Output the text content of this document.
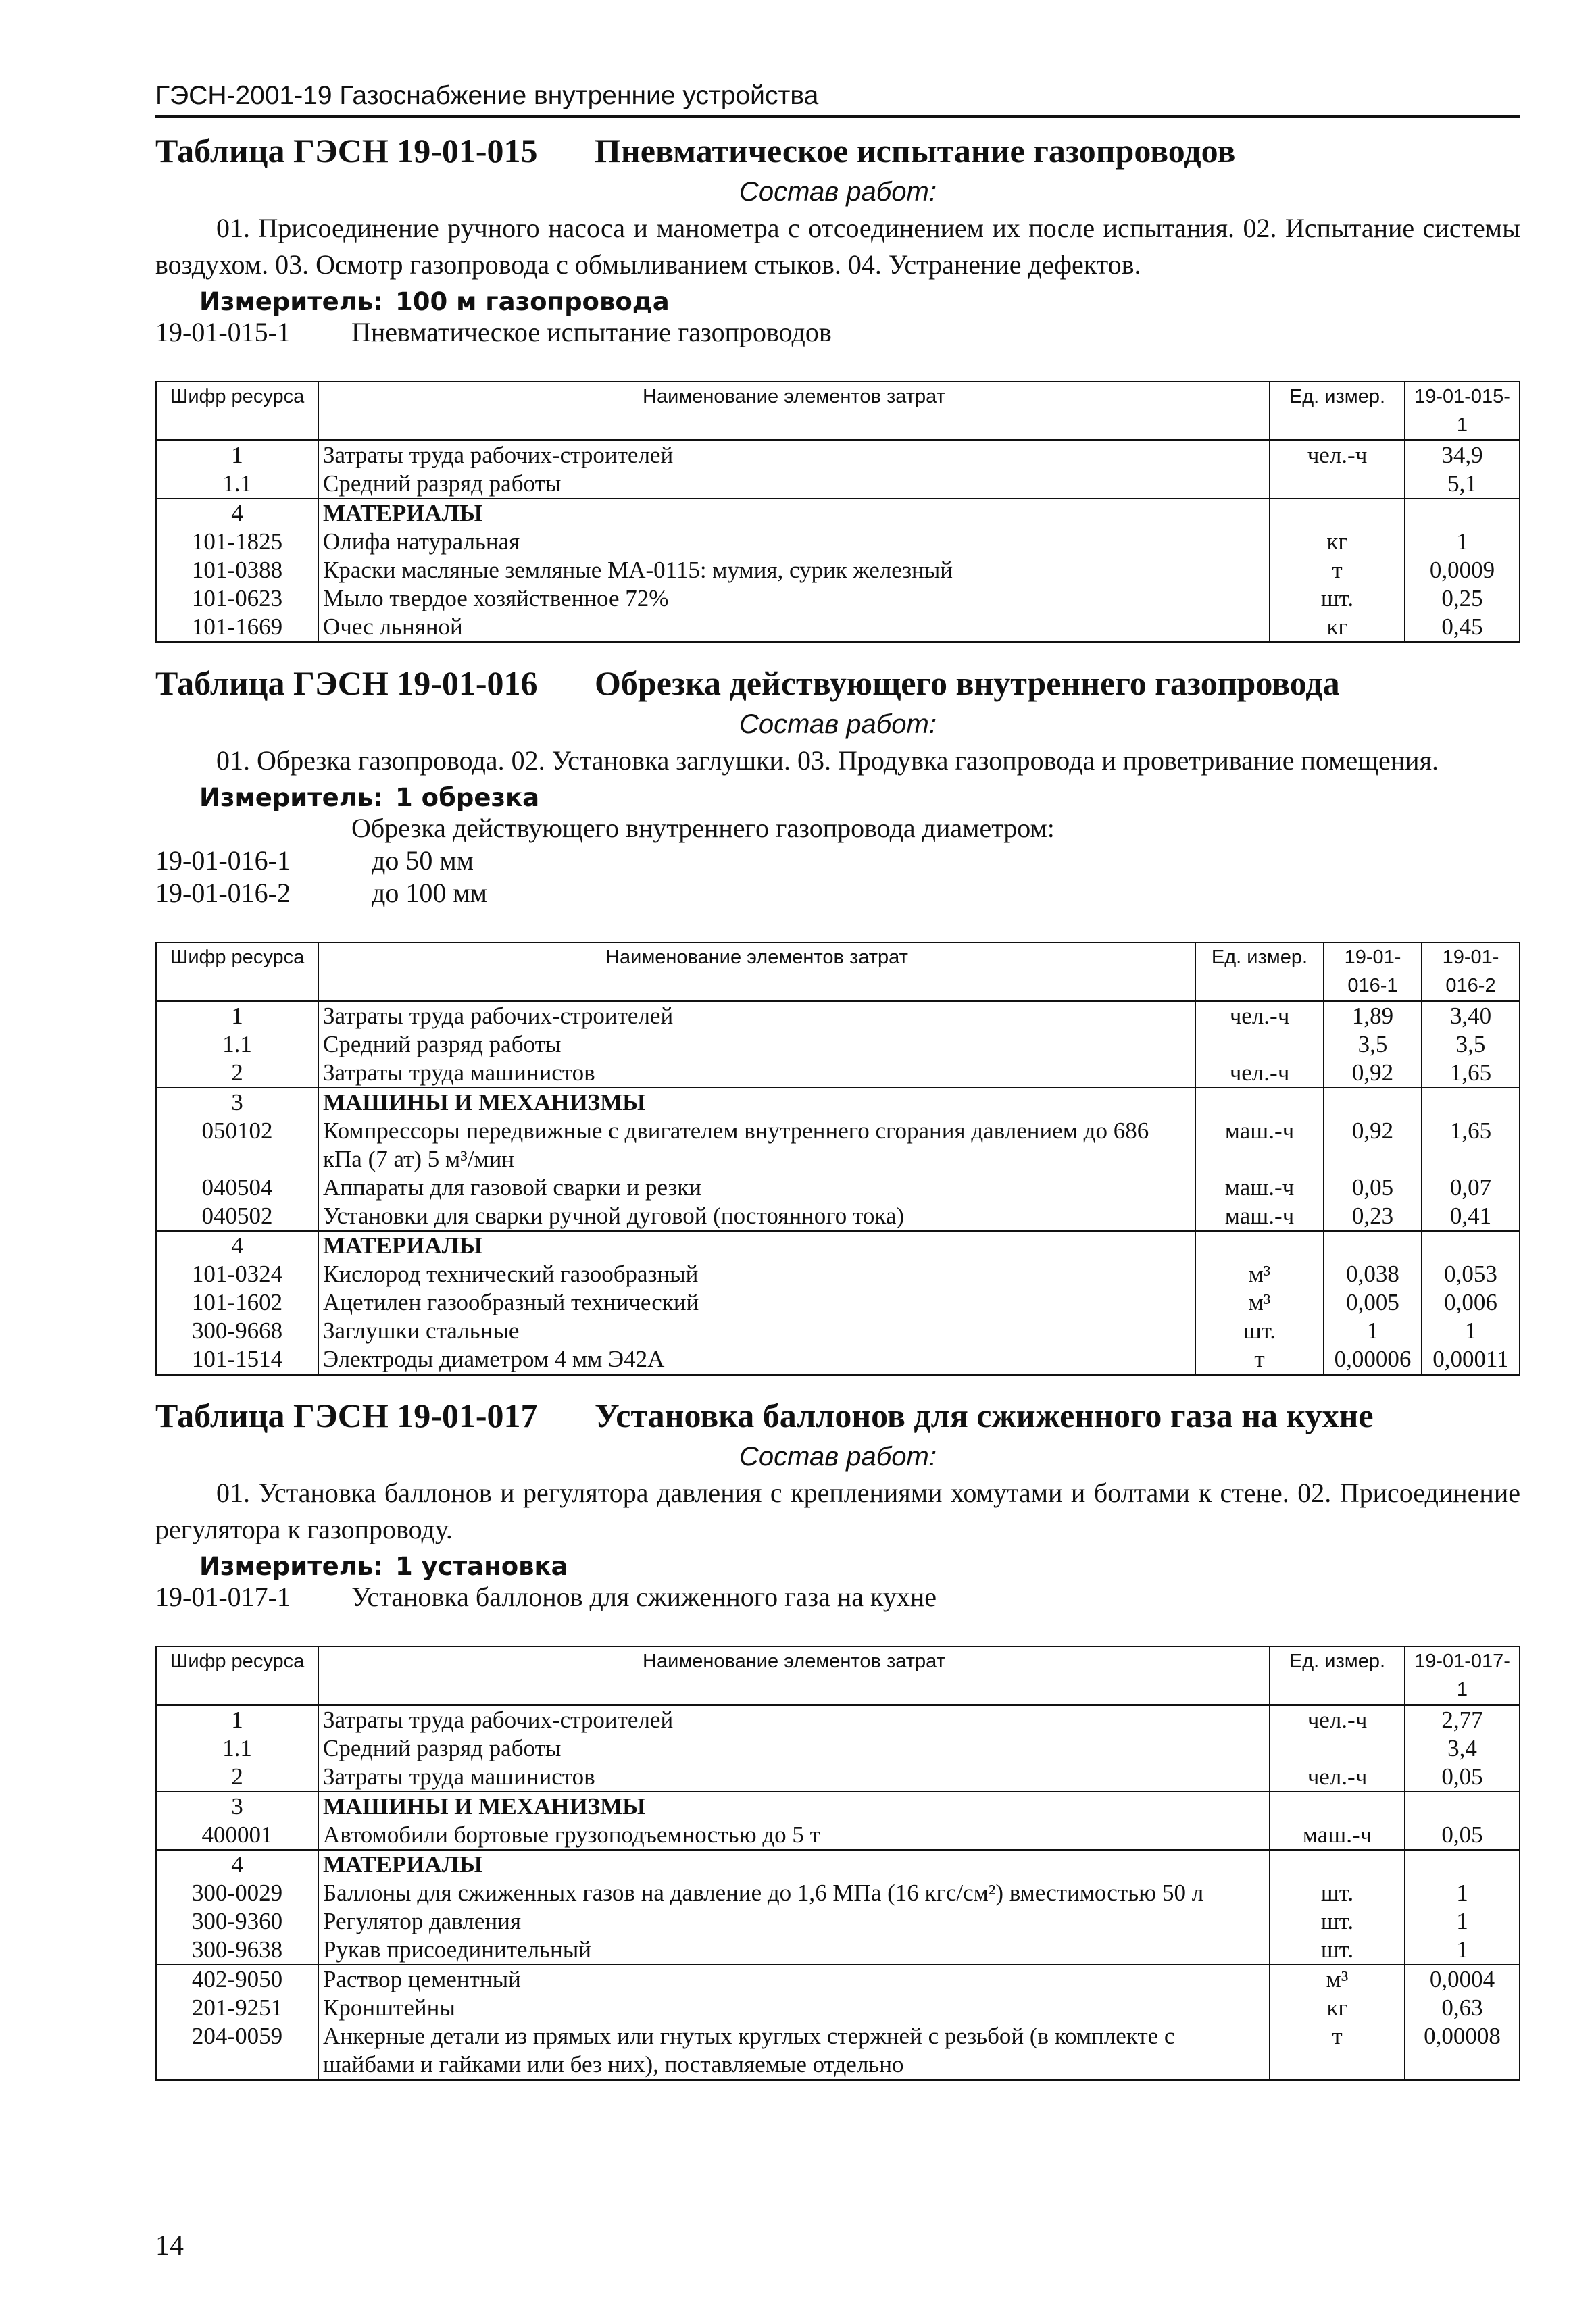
ГЭСН-2001-19 Газоснабжение внутренние устройства
Таблица ГЭСН 19-01-015	Пневматическое испытание газопроводов
Состав работ:
01. Присоединение ручного насоса и манометра с отсоединением их после испытания. 02. Испытание системы воздухом. 03. Осмотр газопровода с обмыливанием стыков. 04. Устранение дефектов.
Измеритель: 100 м газопровода
19-01-015-1	Пневматическое испытание газопроводов
Шифр ресурса	Наименование элементов затрат	Ед. измер.	19-01-015-1
1	Затраты труда рабочих-строителей	чел.-ч	34,9
1.1	Средний разряд работы		5,1
4	МАТЕРИАЛЫ		
101-1825	Олифа натуральная	кг	1
101-0388	Краски масляные земляные МА-0115: мумия, сурик железный	т	0,0009
101-0623	Мыло твердое хозяйственное 72%	шт.	0,25
101-1669	Очес льняной	кг	0,45
Таблица ГЭСН 19-01-016	Обрезка действующего внутреннего газопровода
Состав работ:
01. Обрезка газопровода. 02. Установка заглушки. 03. Продувка газопровода и проветривание помещения.
Измеритель: 1 обрезка
Обрезка действующего внутреннего газопровода диаметром:
19-01-016-1	до 50 мм
19-01-016-2	до 100 мм
Шифр ресурса	Наименование элементов затрат	Ед. измер.	19-01-016-1	19-01-016-2
1	Затраты труда рабочих-строителей	чел.-ч	1,89	3,40
1.1	Средний разряд работы		3,5	3,5
2	Затраты труда машинистов	чел.-ч	0,92	1,65
3	МАШИНЫ И МЕХАНИЗМЫ			
050102	Компрессоры передвижные с двигателем внутреннего сгорания давлением до 686 кПа (7 ат) 5 м³/мин	маш.-ч	0,92	1,65
040504	Аппараты для газовой сварки и резки	маш.-ч	0,05	0,07
040502	Установки для сварки ручной дуговой (постоянного тока)	маш.-ч	0,23	0,41
4	МАТЕРИАЛЫ			
101-0324	Кислород технический газообразный	м³	0,038	0,053
101-1602	Ацетилен газообразный технический	м³	0,005	0,006
300-9668	Заглушки стальные	шт.	1	1
101-1514	Электроды диаметром 4 мм Э42А	т	0,00006	0,00011
Таблица ГЭСН 19-01-017	Установка баллонов для сжиженного газа на кухне
Состав работ:
01. Установка баллонов и регулятора давления с креплениями хомутами и болтами к стене. 02. Присоединение регулятора к газопроводу.
Измеритель: 1 установка
19-01-017-1	Установка баллонов для сжиженного газа на кухне
Шифр ресурса	Наименование элементов затрат	Ед. измер.	19-01-017-1
1	Затраты труда рабочих-строителей	чел.-ч	2,77
1.1	Средний разряд работы		3,4
2	Затраты труда машинистов	чел.-ч	0,05
3	МАШИНЫ И МЕХАНИЗМЫ		
400001	Автомобили бортовые грузоподъемностью до 5 т	маш.-ч	0,05
4	МАТЕРИАЛЫ		
300-0029	Баллоны для сжиженных газов на давление до 1,6 МПа (16 кгс/см²) вместимостью 50 л	шт.	1
300-9360	Регулятор давления	шт.	1
300-9638	Рукав присоединительный	шт.	1
402-9050	Раствор цементный	м³	0,0004
201-9251	Кронштейны	кг	0,63
204-0059	Анкерные детали из прямых или гнутых круглых стержней с резьбой (в комплекте с шайбами и гайками или без них), поставляемые отдельно	т	0,00008
14
